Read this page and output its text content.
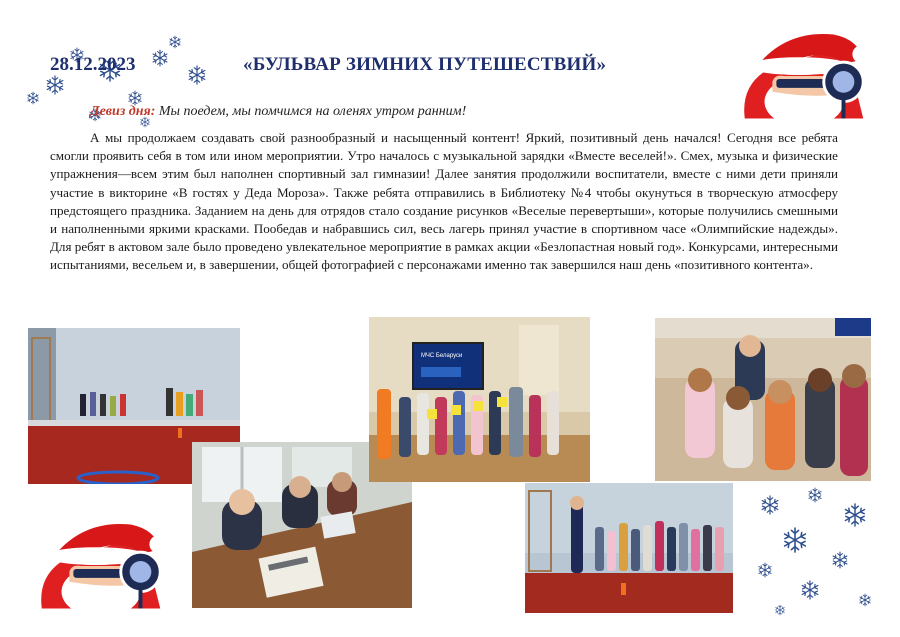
28.12.2023	«БУЛЬВАР ЗИМНИХ ПУТЕШЕСТВИЙ»
Девиз дня: Мы поедем, мы помчимся на оленях утром ранним!

А мы продолжаем создавать свой разнообразный и насыщенный контент! Яркий, позитивный день начался! Сегодня все ребята смогли проявить себя в том или ином мероприятии. Утро началось с музыкальной зарядки «Вместе веселей!». Смех, музыка и физические упражнения—всем этим был наполнен спортивный зал гимназии! Далее занятия продолжили воспитатели, вместе с ними дети приняли участие в викторине «В гостях у Деда Мороза». Также ребята отправились в Библиотеку №4 чтобы окунуться в творческую атмосферу предстоящего праздника. Заданием на день для отрядов стало создание рисунков «Веселые перевертыши», которые получились смешными и наполненными яркими красками. Пообедав и набравшись сил, весь лагерь принял участие в спортивном часе «Олимпийские надежды». Для ребят в актовом зале было проведено увлекательное мероприятие в рамках акции «Безлопастная новый год». Конкурсами, интересными испытаниями, весельем и, в завершении, общей фотографией с персонажами именно так завершился наш день «позитивного контента».

МЧС Беларуси
